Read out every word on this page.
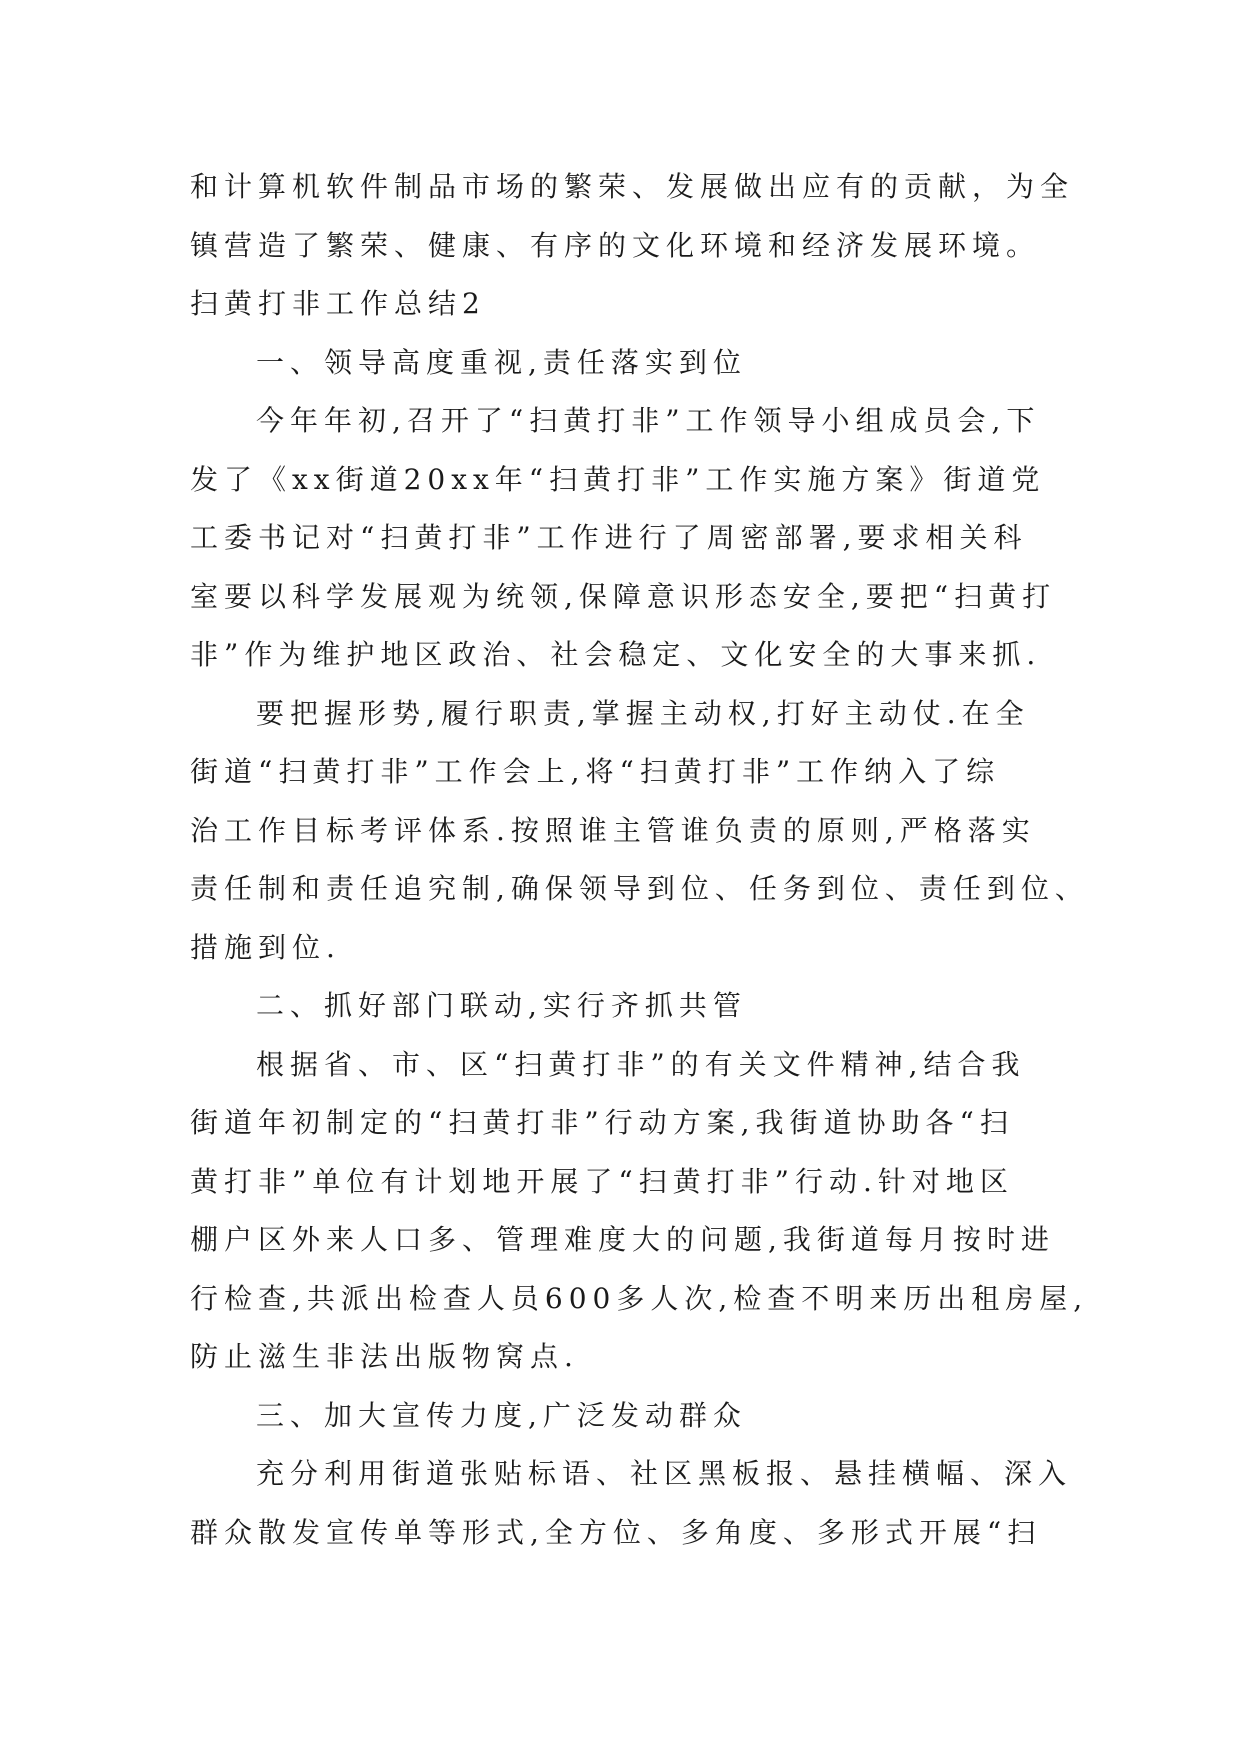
和计算机软件制品市场的繁荣、发展做出应有的贡献，为全
镇营造了繁荣、健康、有序的文化环境和经济发展环境。
扫黄打非工作总结2
一、领导高度重视,责任落实到位
今年年初,召开了“扫黄打非”工作领导小组成员会,下
发了《xx街道20xx年“扫黄打非”工作实施方案》街道党
工委书记对“扫黄打非”工作进行了周密部署,要求相关科
室要以科学发展观为统领,保障意识形态安全,要把“扫黄打
非”作为维护地区政治、社会稳定、文化安全的大事来抓.
要把握形势,履行职责,掌握主动权,打好主动仗.在全
街道“扫黄打非”工作会上,将“扫黄打非”工作纳入了综
治工作目标考评体系.按照谁主管谁负责的原则,严格落实
责任制和责任追究制,确保领导到位、任务到位、责任到位、
措施到位.
二、抓好部门联动,实行齐抓共管
根据省、市、区“扫黄打非”的有关文件精神,结合我
街道年初制定的“扫黄打非”行动方案,我街道协助各“扫
黄打非”单位有计划地开展了“扫黄打非”行动.针对地区
棚户区外来人口多、管理难度大的问题,我街道每月按时进
行检查,共派出检查人员600多人次,检查不明来历出租房屋,
防止滋生非法出版物窝点.
三、加大宣传力度,广泛发动群众
充分利用街道张贴标语、社区黑板报、悬挂横幅、深入
群众散发宣传单等形式,全方位、多角度、多形式开展“扫
